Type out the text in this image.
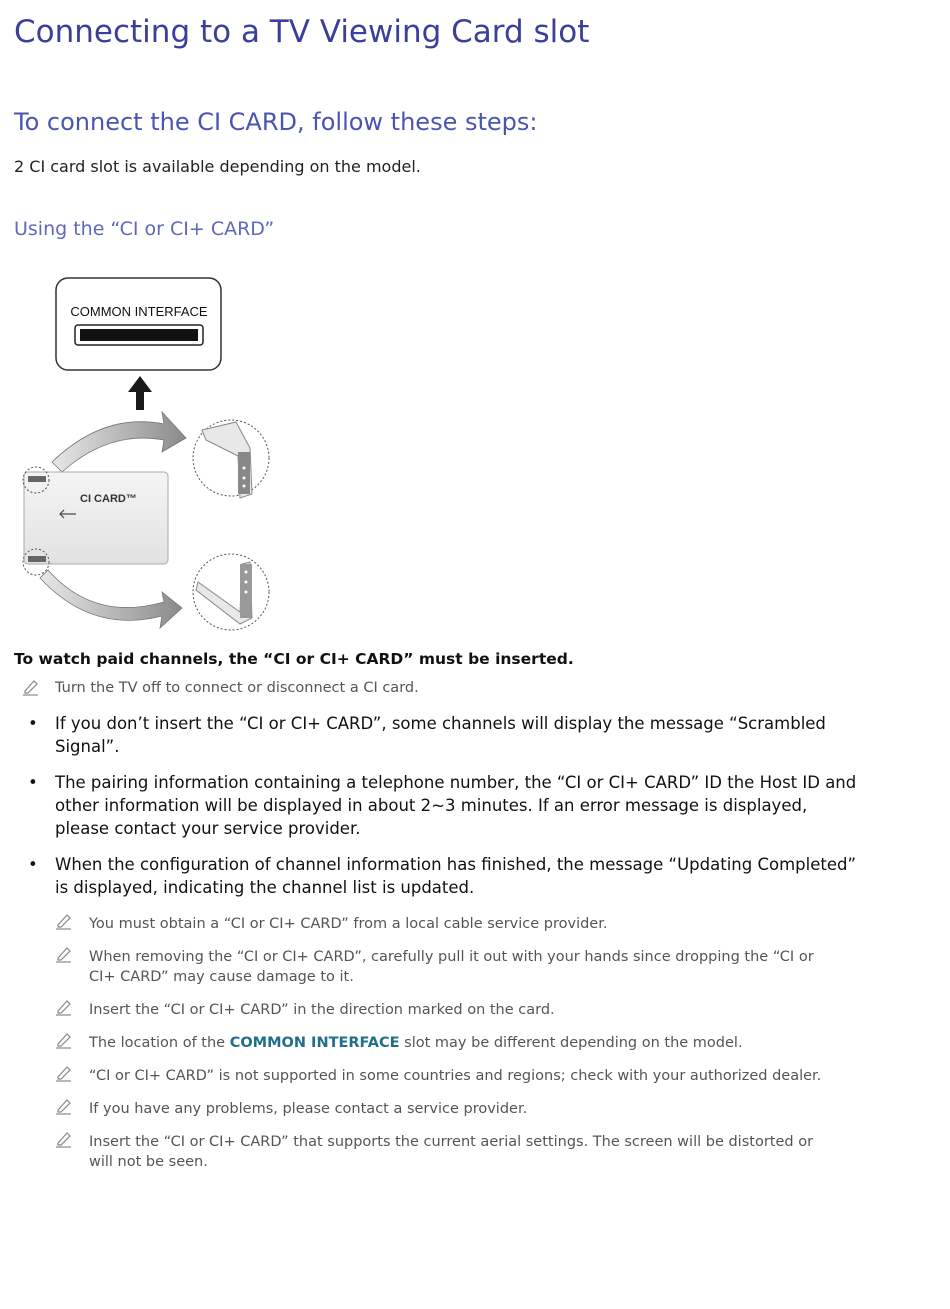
Connecting to a TV Viewing Card slot
To connect the CI CARD, follow these steps:
2 CI card slot is available depending on the model.
Using the “CI or CI+ CARD”
COMMON INTERFACE
CI CARD™
To watch paid channels, the “CI or CI+ CARD” must be inserted.
Turn the TV off to connect or disconnect a CI card.
• If you don’t insert the “CI or CI+ CARD”, some channels will display the message “Scrambled Signal”.
• The pairing information containing a telephone number, the “CI or CI+ CARD” ID the Host ID and other information will be displayed in about 2~3 minutes. If an error message is displayed, please contact your service provider.
• When the configuration of channel information has finished, the message “Updating Completed” is displayed, indicating the channel list is updated.
You must obtain a “CI or CI+ CARD” from a local cable service provider.
When removing the “CI or CI+ CARD”, carefully pull it out with your hands since dropping the “CI or CI+ CARD” may cause damage to it.
Insert the “CI or CI+ CARD” in the direction marked on the card.
The location of the COMMON INTERFACE slot may be different depending on the model.
“CI or CI+ CARD” is not supported in some countries and regions; check with your authorized dealer.
If you have any problems, please contact a service provider.
Insert the “CI or CI+ CARD” that supports the current aerial settings. The screen will be distorted or will not be seen.
